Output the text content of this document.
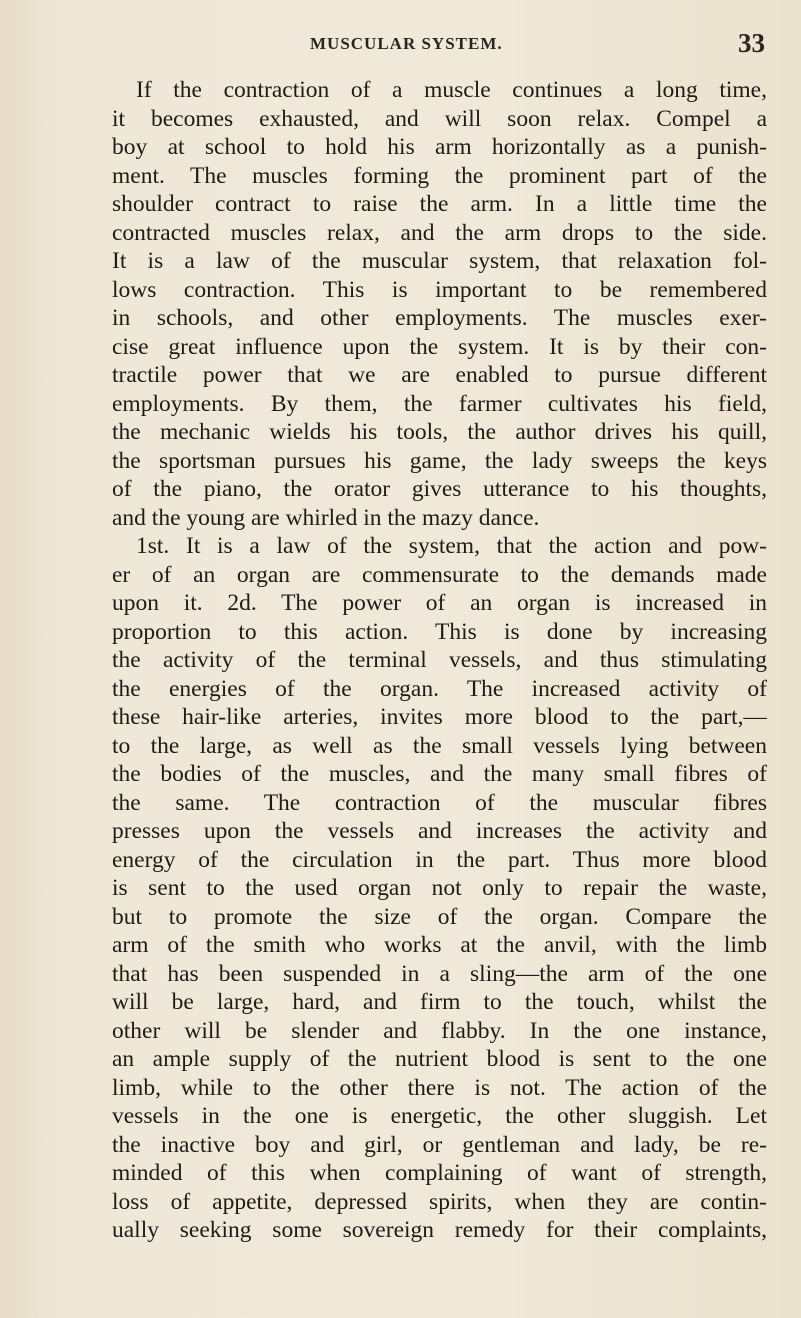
MUSCULAR SYSTEM.	33
If the contraction of a muscle continues a long time,
it becomes exhausted, and will soon relax. Compel a
boy at school to hold his arm horizontally as a punish-
ment. The muscles forming the prominent part of the
shoulder contract to raise the arm. In a little time the
contracted muscles relax, and the arm drops to the side.
It is a law of the muscular system, that relaxation fol-
lows contraction. This is important to be remembered
in schools, and other employments. The muscles exer-
cise great influence upon the system. It is by their con-
tractile power that we are enabled to pursue different
employments. By them, the farmer cultivates his field,
the mechanic wields his tools, the author drives his quill,
the sportsman pursues his game, the lady sweeps the keys
of the piano, the orator gives utterance to his thoughts,
and the young are whirled in the mazy dance.
1st. It is a law of the system, that the action and pow-
er of an organ are commensurate to the demands made
upon it. 2d. The power of an organ is increased in
proportion to this action. This is done by increasing
the activity of the terminal vessels, and thus stimulating
the energies of the organ. The increased activity of
these hair-like arteries, invites more blood to the part,—
to the large, as well as the small vessels lying between
the bodies of the muscles, and the many small fibres of
the same. The contraction of the muscular fibres
presses upon the vessels and increases the activity and
energy of the circulation in the part. Thus more blood
is sent to the used organ not only to repair the waste,
but to promote the size of the organ. Compare the
arm of the smith who works at the anvil, with the limb
that has been suspended in a sling—the arm of the one
will be large, hard, and firm to the touch, whilst the
other will be slender and flabby. In the one instance,
an ample supply of the nutrient blood is sent to the one
limb, while to the other there is not. The action of the
vessels in the one is energetic, the other sluggish. Let
the inactive boy and girl, or gentleman and lady, be re-
minded of this when complaining of want of strength,
loss of appetite, depressed spirits, when they are contin-
ually seeking some sovereign remedy for their complaints,
